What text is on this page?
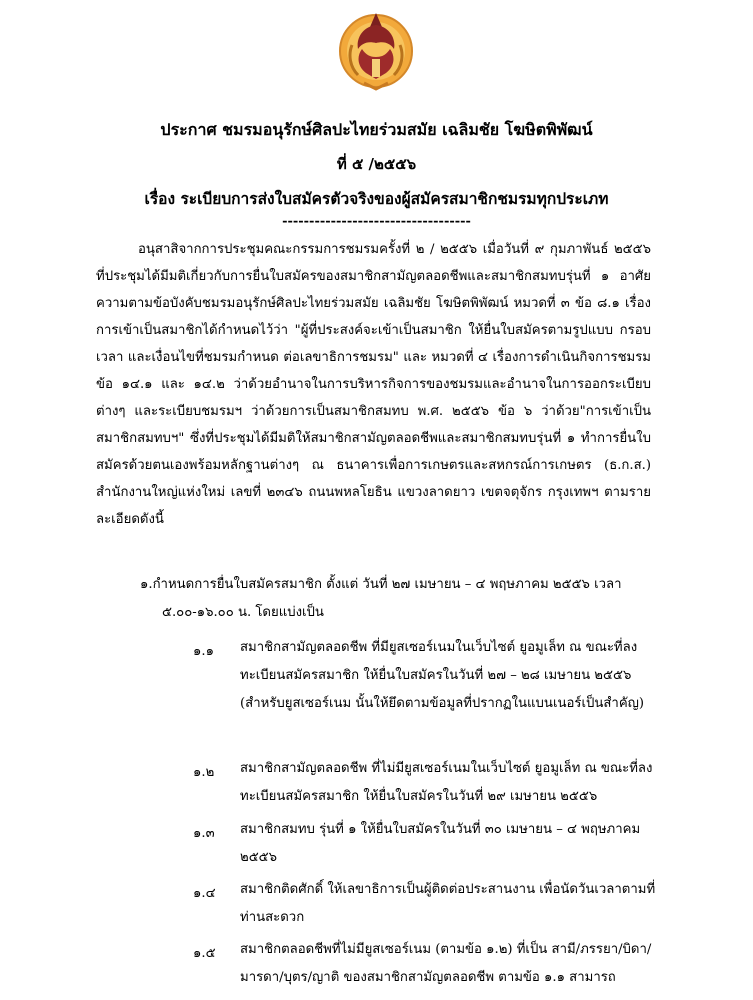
ประกาศ ชมรมอนุรักษ์ศิลปะไทยร่วมสมัย เฉลิมชัย โฆษิตพิพัฒน์
ที่ ๕ /๒๕๕๖
เรื่อง ระเบียบการส่งใบสมัครตัวจริงของผู้สมัครสมาชิกชมรมทุกประเภท
-----------------------------------
อนุสาสิจากการประชุมคณะกรรมการชมรมครั้งที่ ๒ / ๒๕๕๖ เมื่อวันที่ ๙ กุมภาพันธ์ ๒๕๕๖ ที่ประชุมได้มีมติเกี่ยวกับการยื่นใบสมัครของสมาชิกสามัญตลอดชีพและสมาชิกสมทบรุ่นที่ ๑ อาศัยความตามข้อบังคับชมรมอนุรักษ์ศิลปะไทยร่วมสมัย เฉลิมชัย โฆษิตพิพัฒน์ หมวดที่ ๓ ข้อ ๘.๑ เรื่องการเข้าเป็นสมาชิกได้กำหนดไว้ว่า "ผู้ที่ประสงค์จะเข้าเป็นสมาชิก ให้ยื่นใบสมัครตามรูปแบบ กรอบเวลา และเงื่อนไขที่ชมรมกำหนด ต่อเลขาธิการชมรม" และ หมวดที่ ๔ เรื่องการดำเนินกิจการชมรม ข้อ ๑๔.๑ และ ๑๔.๒ ว่าด้วยอำนาจในการบริหารกิจการของชมรมและอำนาจในการออกระเบียบต่างๆ และระเบียบชมรมฯ ว่าด้วยการเป็นสมาชิกสมทบ พ.ศ. ๒๕๕๖ ข้อ ๖ ว่าด้วย"การเข้าเป็นสมาชิกสมทบฯ" ซึ่งที่ประชุมได้มีมติให้สมาชิกสามัญตลอดชีพและสมาชิกสมทบรุ่นที่ ๑ ทำการยื่นใบสมัครด้วยตนเองพร้อมหลักฐานต่างๆ ณ ธนาคารเพื่อการเกษตรและสหกรณ์การเกษตร (ธ.ก.ส.) สำนักงานใหญ่แห่งใหม่ เลขที่ ๒๓๔๖ ถนนพหลโยธิน แขวงลาดยาว เขตจตุจักร กรุงเทพฯ ตามรายละเอียดดังนี้
๑.กำหนดการยื่นใบสมัครสมาชิก ตั้งแต่ วันที่ ๒๗ เมษายน – ๔ พฤษภาคม ๒๕๕๖ เวลา
๕.๐๐-๑๖.๐๐ น. โดยแบ่งเป็น
๑.๑ สมาชิกสามัญตลอดชีพ ที่มียูสเซอร์เนมในเว็บไซต์ ยูอมูเล็ท ณ ขณะที่ลงทะเบียนสมัครสมาชิก ให้ยื่นใบสมัครในวันที่ ๒๗ – ๒๘ เมษายน ๒๕๕๖ (สำหรับยูสเซอร์เนม นั้นให้ยึดตามข้อมูลที่ปรากฏในแบนเนอร์เป็นสำคัญ)
๑.๒ สมาชิกสามัญตลอดชีพ ที่ไม่มียูสเซอร์เนมในเว็บไซต์ ยูอมูเล็ท ณ ขณะที่ลงทะเบียนสมัครสมาชิก ให้ยื่นใบสมัครในวันที่ ๒๙ เมษายน ๒๕๕๖
๑.๓ สมาชิกสมทบ รุ่นที่ ๑ ให้ยื่นใบสมัครในวันที่ ๓๐ เมษายน – ๔ พฤษภาคม ๒๕๕๖
๑.๔ สมาชิกติดศักดิ์ ให้เลขาธิการเป็นผู้ติดต่อประสานงาน เพื่อนัดวันเวลาตามที่ท่านสะดวก
๑.๕ สมาชิกตลอดชีพที่ไม่มียูสเซอร์เนม (ตามข้อ ๑.๒) ที่เป็น สามี/ภรรยา/บิดา/มารดา/บุตร/ญาติ ของสมาชิกสามัญตลอดชีพ ตามข้อ ๑.๑ สามารถ
